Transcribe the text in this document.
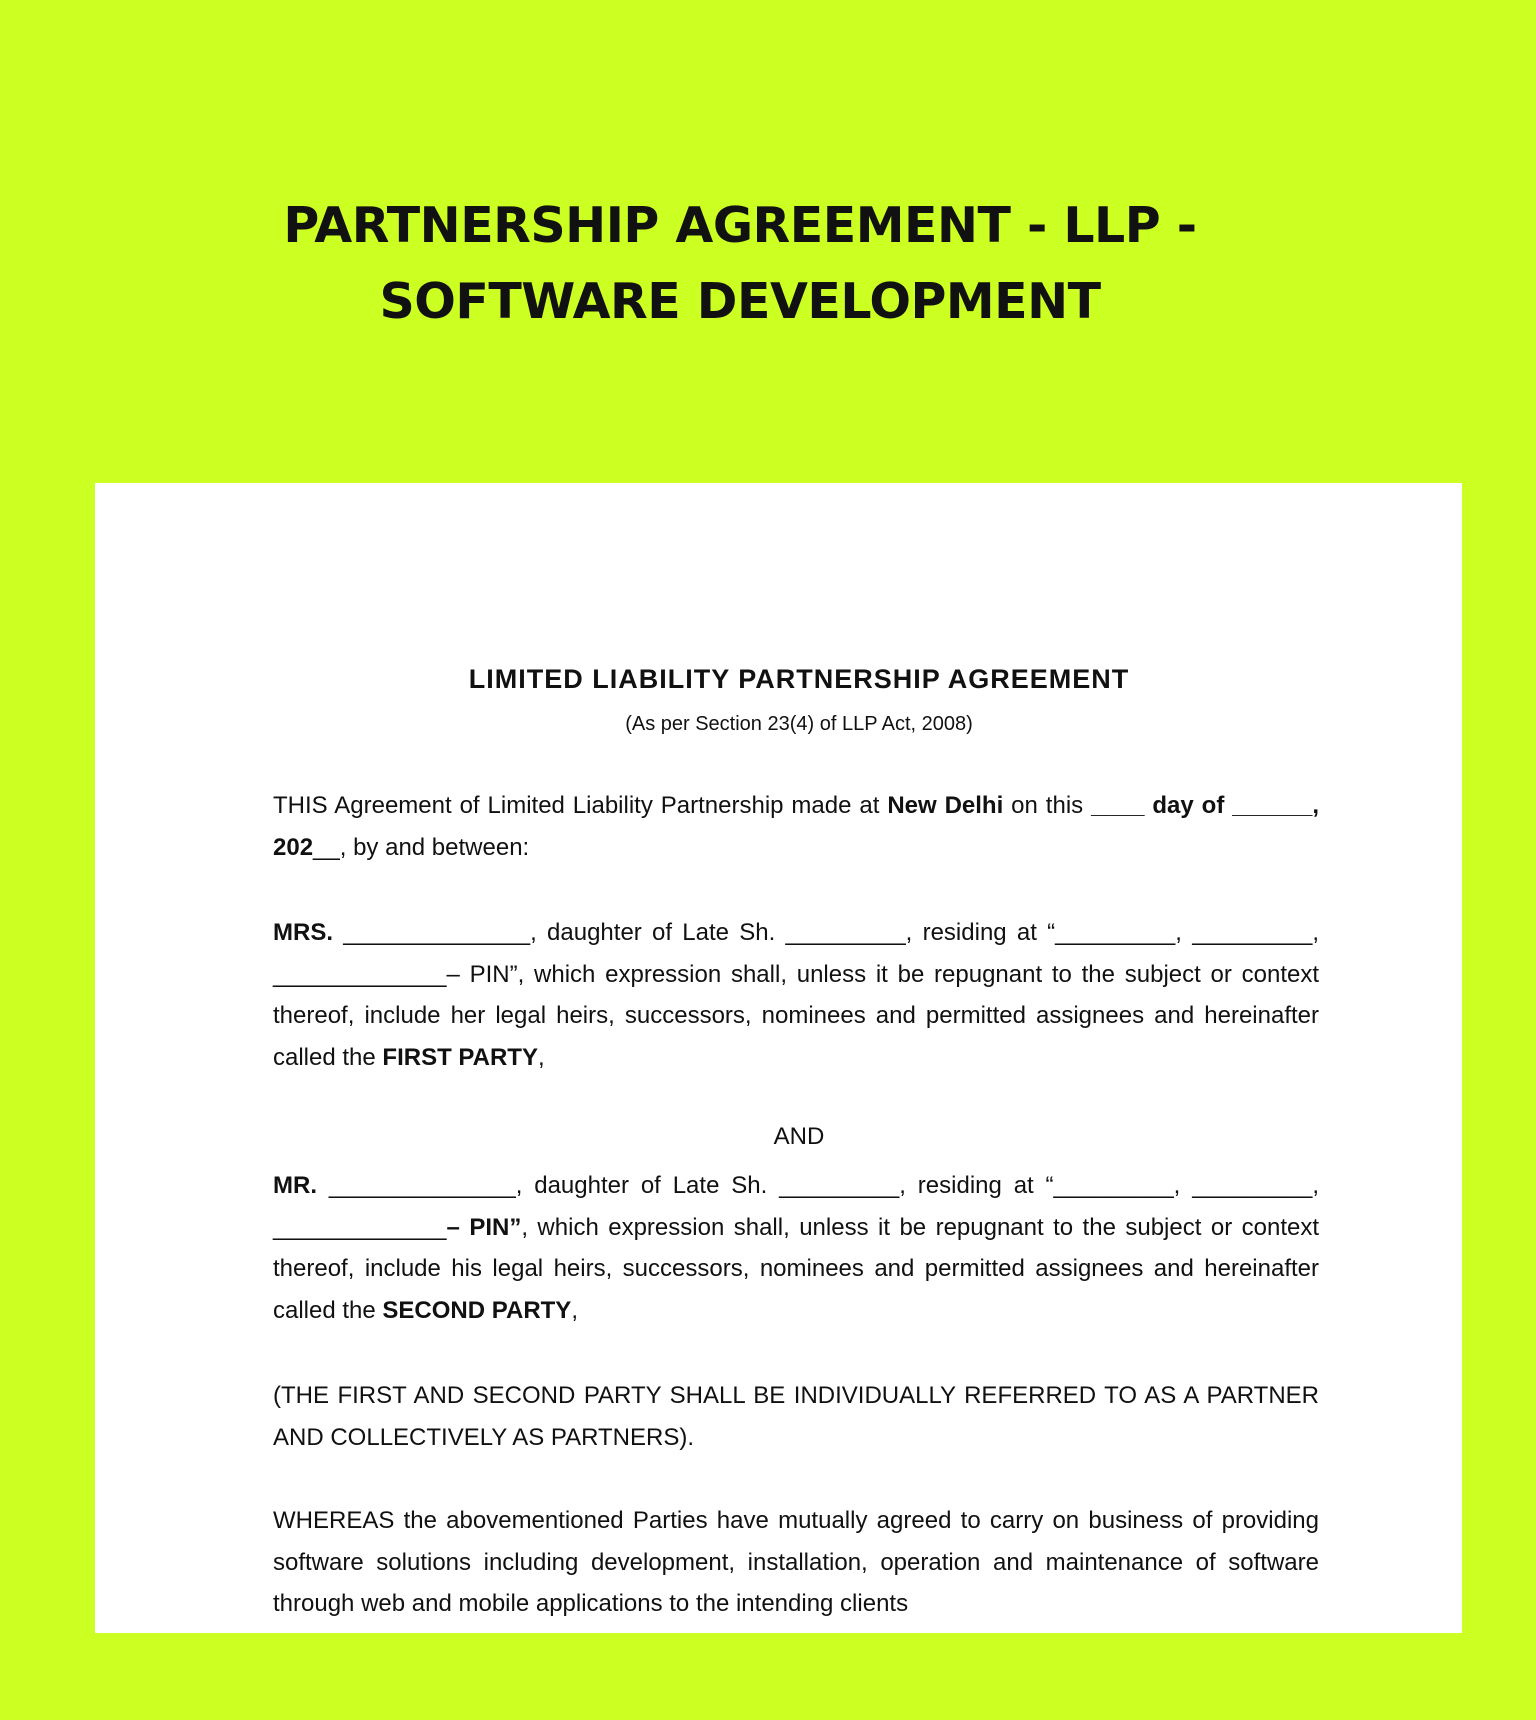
PARTNERSHIP AGREEMENT - LLP -
SOFTWARE DEVELOPMENT
LIMITED LIABILITY PARTNERSHIP AGREEMENT
(As per Section 23(4) of LLP Act, 2008)
THIS Agreement of Limited Liability Partnership made at New Delhi on this ____ day of ______, 202__, by and between:
MRS. ______________, daughter of Late Sh. _________, residing at “_________, _________, _____________– PIN”, which expression shall, unless it be repugnant to the subject or context thereof, include her legal heirs, successors, nominees and permitted assignees and hereinafter called the FIRST PARTY,
AND
MR. ______________, daughter of Late Sh. _________, residing at “_________, _________, _____________– PIN”, which expression shall, unless it be repugnant to the subject or context thereof, include his legal heirs, successors, nominees and permitted assignees and hereinafter called the SECOND PARTY,
(THE FIRST AND SECOND PARTY SHALL BE INDIVIDUALLY REFERRED TO AS A PARTNER AND COLLECTIVELY AS PARTNERS).
WHEREAS the abovementioned Parties have mutually agreed to carry on business of providing software solutions including development, installation, operation and maintenance of software through web and mobile applications to the intending clients
